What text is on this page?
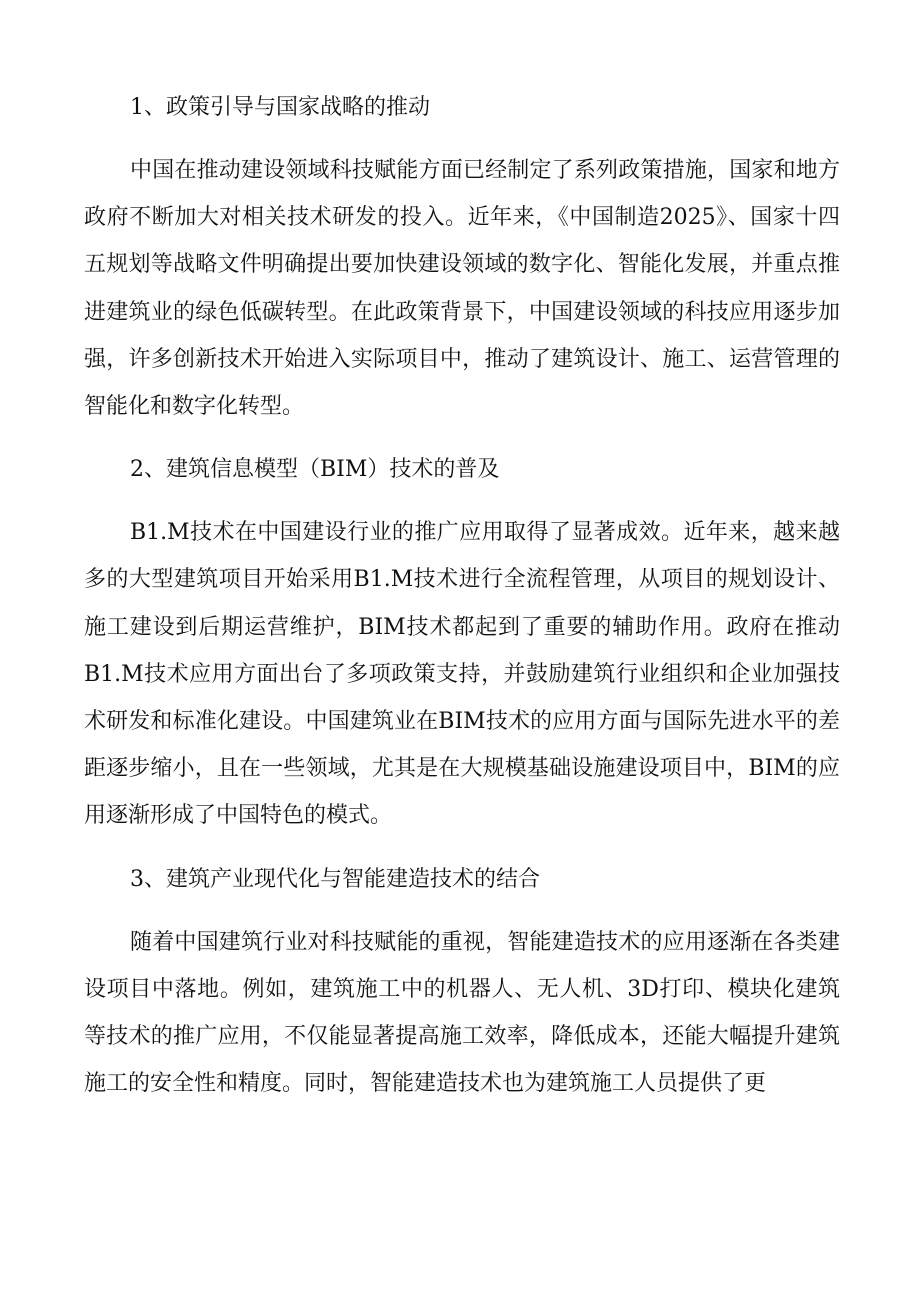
1、政策引导与国家战略的推动

中国在推动建设领域科技赋能方面已经制定了系列政策措施，国家和地方政府不断加大对相关技术研发的投入。近年来，《中国制造2025》、国家十四五规划等战略文件明确提出要加快建设领域的数字化、智能化发展，并重点推进建筑业的绿色低碳转型。在此政策背景下，中国建设领域的科技应用逐步加强，许多创新技术开始进入实际项目中，推动了建筑设计、施工、运营管理的智能化和数字化转型。

2、建筑信息模型（BIM）技术的普及

B1.M技术在中国建设行业的推广应用取得了显著成效。近年来，越来越多的大型建筑项目开始采用B1.M技术进行全流程管理，从项目的规划设计、施工建设到后期运营维护，BIM技术都起到了重要的辅助作用。政府在推动B1.M技术应用方面出台了多项政策支持，并鼓励建筑行业组织和企业加强技术研发和标准化建设。中国建筑业在BIM技术的应用方面与国际先进水平的差距逐步缩小，且在一些领域，尤其是在大规模基础设施建设项目中，BIM的应用逐渐形成了中国特色的模式。

3、建筑产业现代化与智能建造技术的结合

随着中国建筑行业对科技赋能的重视，智能建造技术的应用逐渐在各类建设项目中落地。例如，建筑施工中的机器人、无人机、3D打印、模块化建筑等技术的推广应用，不仅能显著提高施工效率，降低成本，还能大幅提升建筑施工的安全性和精度。同时，智能建造技术也为建筑施工人员提供了更
